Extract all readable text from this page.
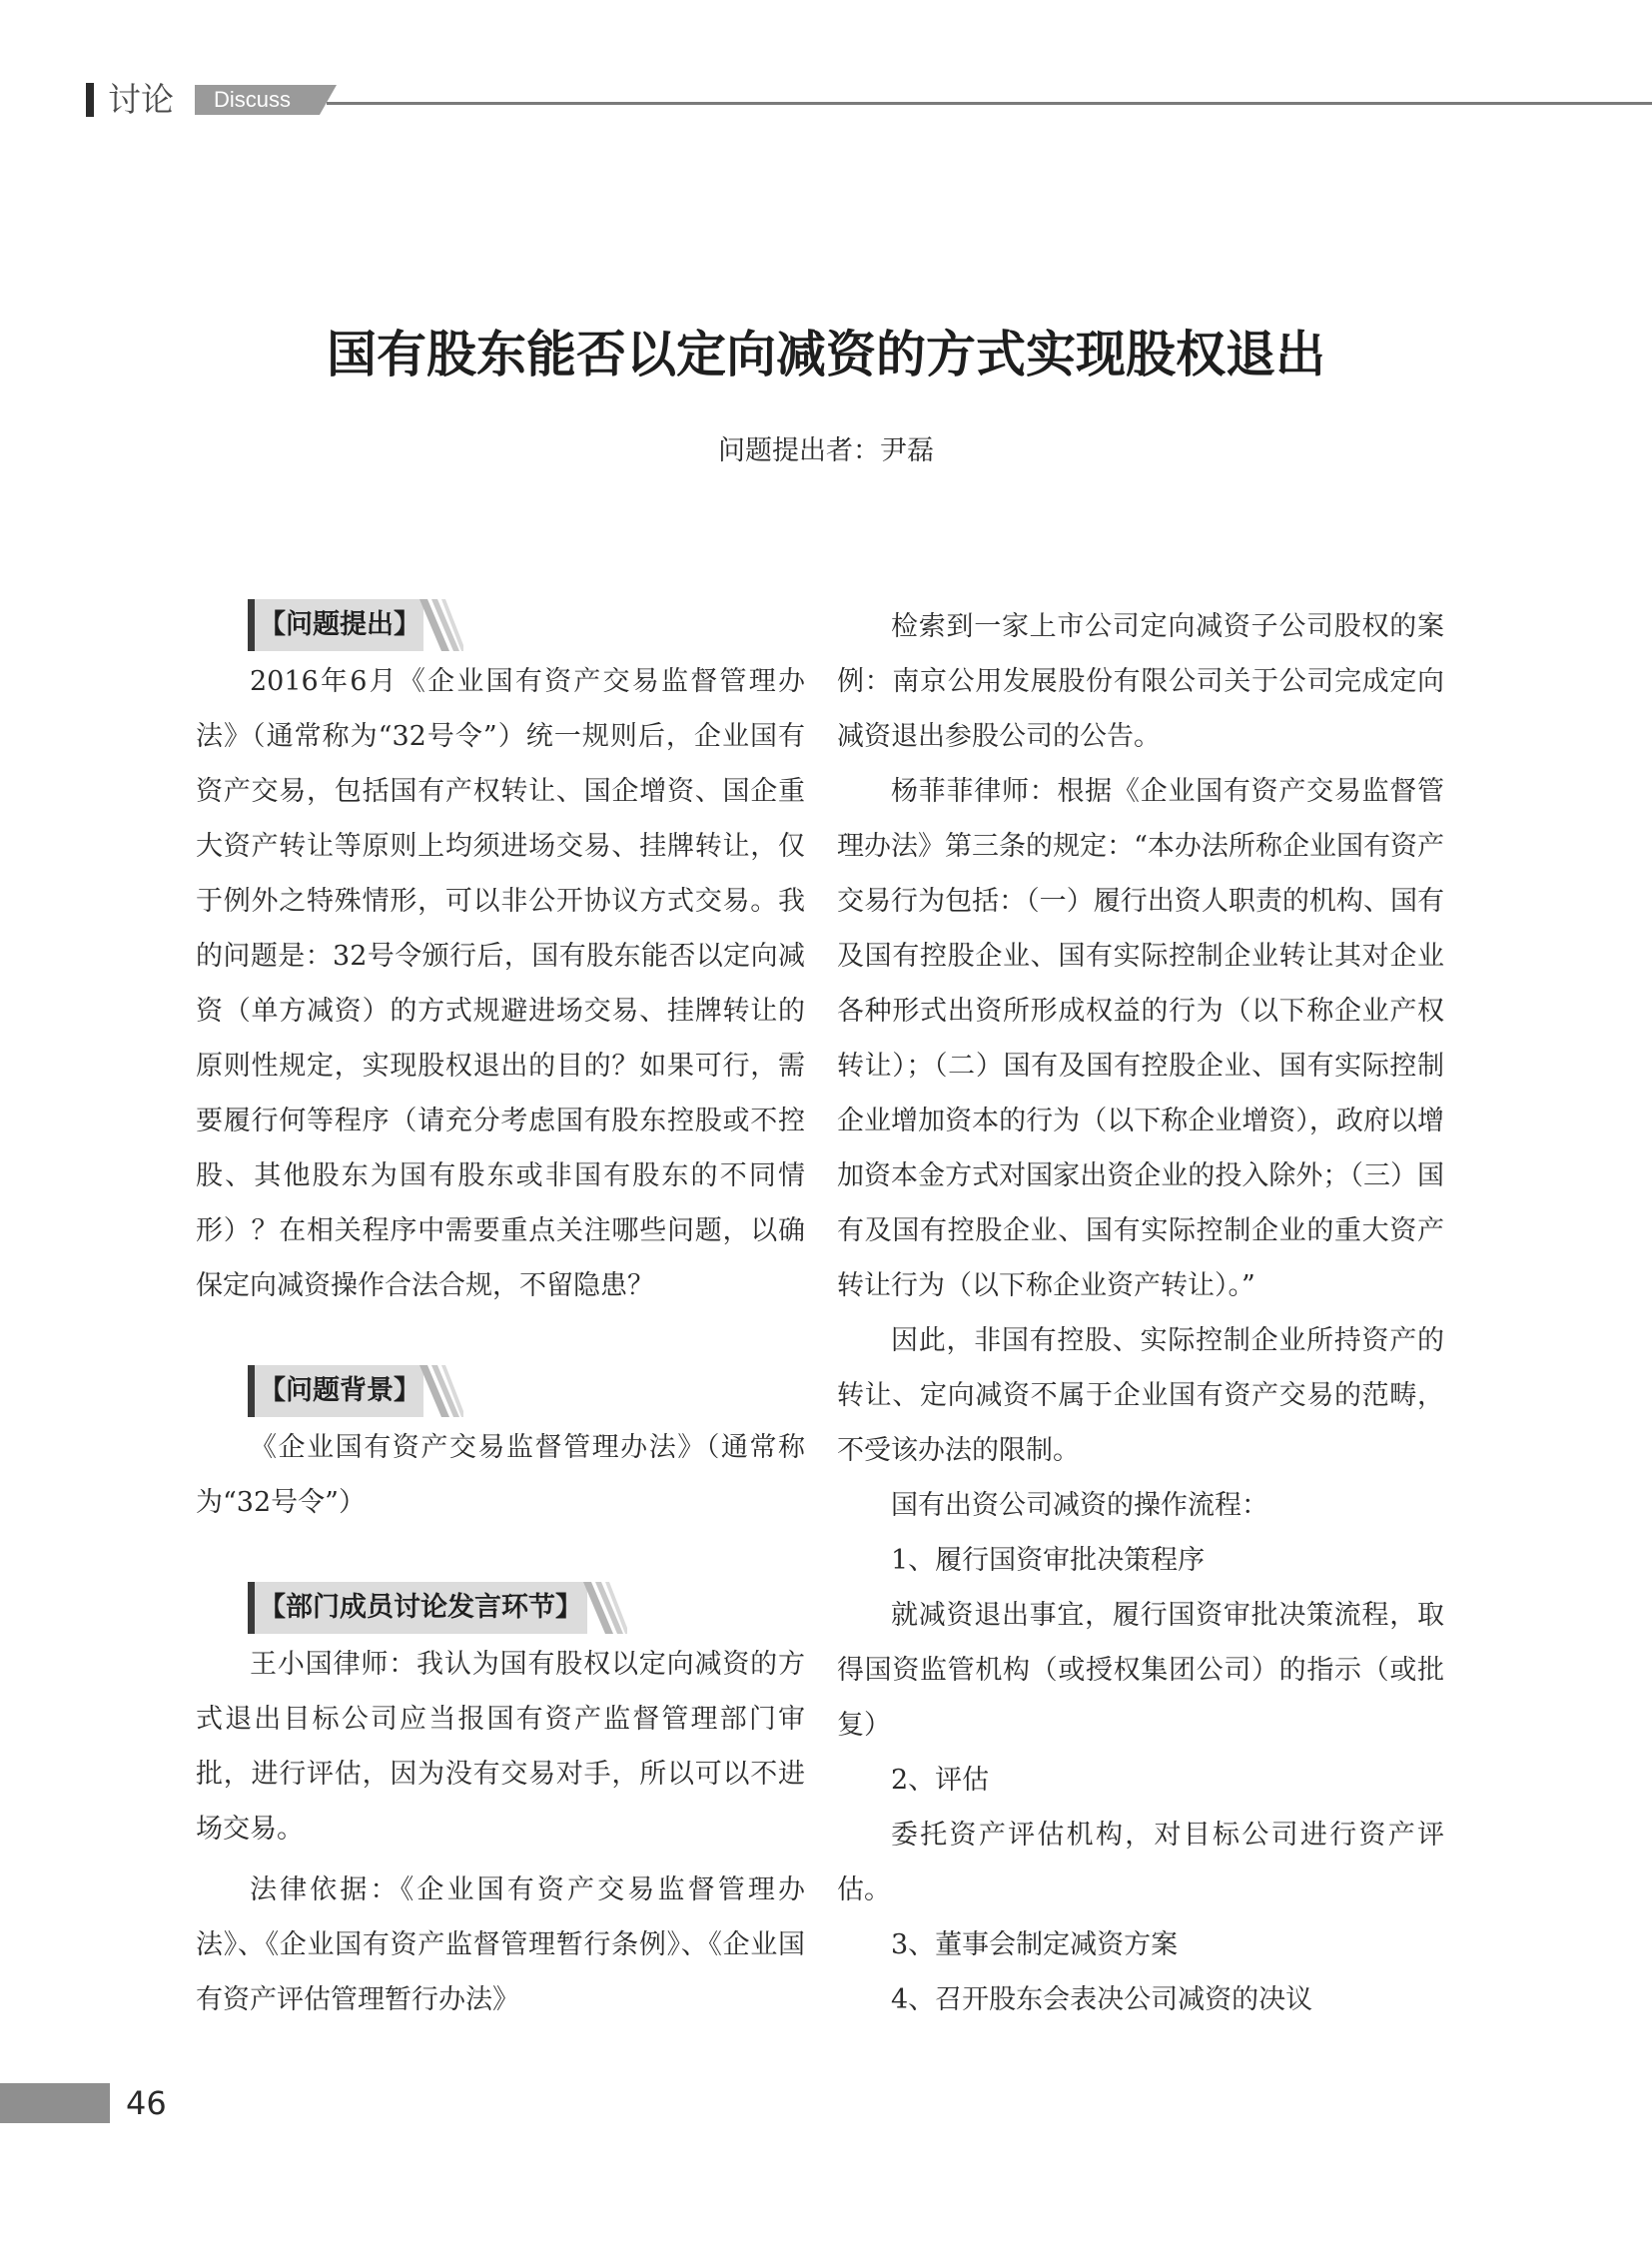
讨论 Discuss
国有股东能否以定向减资的方式实现股权退出
问题提出者：尹磊
【问题提出】

2016年6月《企业国有资产交易监督管理办法》（通常称为“32号令”）统一规则后，企业国有资产交易，包括国有产权转让、国企增资、国企重大资产转让等原则上均须进场交易、挂牌转让，仅于例外之特殊情形，可以非公开协议方式交易。我的问题是：32号令颁行后，国有股东能否以定向减资（单方减资）的方式规避进场交易、挂牌转让的原则性规定，实现股权退出的目的？如果可行，需要履行何等程序（请充分考虑国有股东控股或不控股、其他股东为国有股东或非国有股东的不同情形）？在相关程序中需要重点关注哪些问题，以确保定向减资操作合法合规，不留隐患？

【问题背景】

《企业国有资产交易监督管理办法》（通常称为“32号令”）

【部门成员讨论发言环节】

王小国律师：我认为国有股权以定向减资的方式退出目标公司应当报国有资产监督管理部门审批，进行评估，因为没有交易对手，所以可以不进场交易。

法律依据：《企业国有资产交易监督管理办法》、《企业国有资产监督管理暂行条例》、《企业国有资产评估管理暂行办法》

检索到一家上市公司定向减资子公司股权的案例：南京公用发展股份有限公司关于公司完成定向减资退出参股公司的公告。

杨菲菲律师：根据《企业国有资产交易监督管理办法》第三条的规定：“本办法所称企业国有资产交易行为包括：（一）履行出资人职责的机构、国有及国有控股企业、国有实际控制企业转让其对企业各种形式出资所形成权益的行为（以下称企业产权转让）；（二）国有及国有控股企业、国有实际控制企业增加资本的行为（以下称企业增资），政府以增加资本金方式对国家出资企业的投入除外；（三）国有及国有控股企业、国有实际控制企业的重大资产转让行为（以下称企业资产转让）。”

因此，非国有控股、实际控制企业所持资产的转让、定向减资不属于企业国有资产交易的范畴，不受该办法的限制。

国有出资公司减资的操作流程：

1、履行国资审批决策程序

就减资退出事宜，履行国资审批决策流程，取得国资监管机构（或授权集团公司）的指示（或批复）

2、评估

委托资产评估机构，对目标公司进行资产评估。

3、董事会制定减资方案

4、召开股东会表决公司减资的决议

46
